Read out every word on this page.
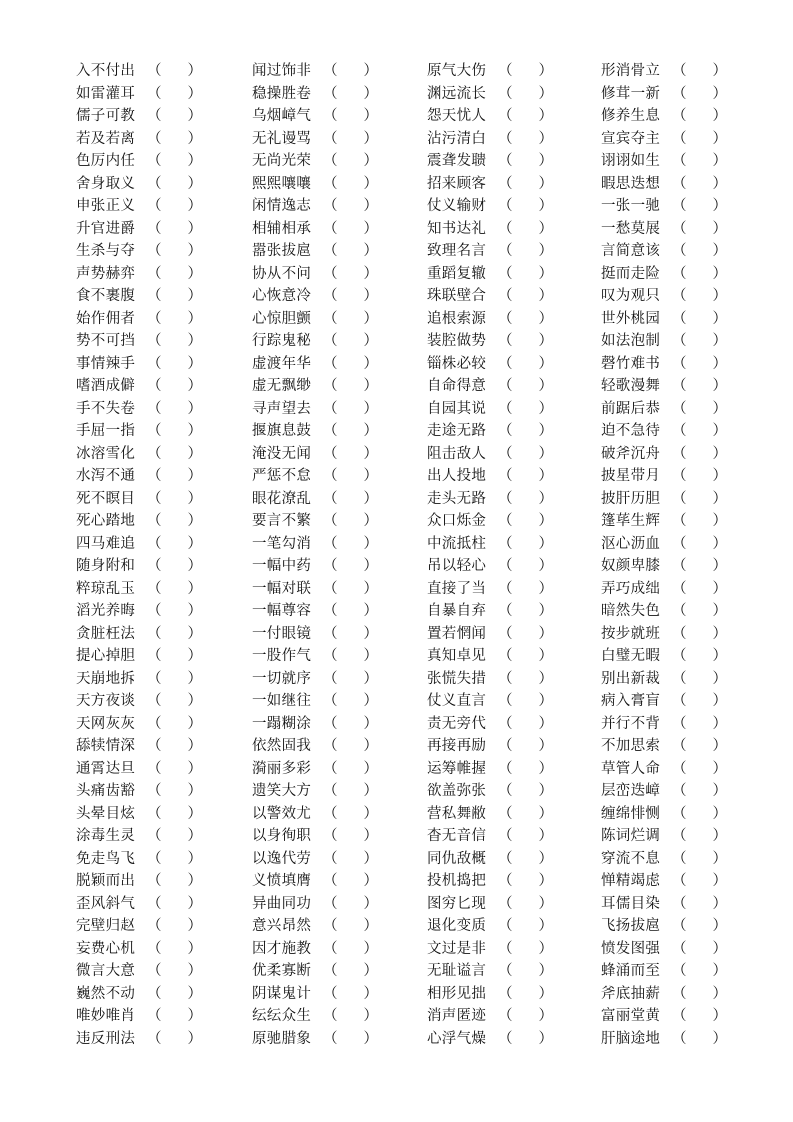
入不付出 （ ）
如雷灌耳 （ ）
儒子可教 （ ）
若及若离 （ ）
色厉内任 （ ）
舍身取义 （ ）
申张正义 （ ）
升官进爵 （ ）
生杀与夺 （ ）
声势赫弈 （ ）
食不裹腹 （ ）
始作佣者 （ ）
势不可挡 （ ）
事情辣手 （ ）
嗜酒成僻 （ ）
手不失卷 （ ）
手屈一指 （ ）
冰溶雪化 （ ）
水泻不通 （ ）
死不瞑目 （ ）
死心踏地 （ ）
四马难追 （ ）
随身附和 （ ）
粹琼乱玉 （ ）
滔光养晦 （ ）
贪脏枉法 （ ）
提心掉胆 （ ）
天崩地拆 （ ）
天方夜谈 （ ）
天网灰灰 （ ）
舔犊情深 （ ）
通霄达旦 （ ）
头痛齿豁 （ ）
头晕目炫 （ ）
涂毒生灵 （ ）
免走鸟飞 （ ）
脱颖而出 （ ）
歪风斜气 （ ）
完壁归赵 （ ）
妄费心机 （ ）
微言大意 （ ）
巍然不动 （ ）
唯妙唯肖 （ ）
违反刑法 （ ）
闻过饰非 （ ）
稳操胜卷 （ ）
乌烟嶂气 （ ）
无礼谩骂 （ ）
无尚光荣 （ ）
熙熙嚷嚷 （ ）
闲情逸志 （ ）
相辅相承 （ ）
嚣张拔扈 （ ）
协从不问 （ ）
心恢意冷 （ ）
心惊胆颤 （ ）
行踪鬼秘 （ ）
虚渡年华 （ ）
虚无飘缈 （ ）
寻声望去 （ ）
揠旗息鼓 （ ）
淹没无闻 （ ）
严惩不怠 （ ）
眼花潦乱 （ ）
要言不繁 （ ）
一笔勾消 （ ）
一幅中药 （ ）
一幅对联 （ ）
一幅尊容 （ ）
一付眼镜 （ ）
一股作气 （ ）
一切就序 （ ）
一如继往 （ ）
一蹋糊涂 （ ）
依然固我 （ ）
漪丽多彩 （ ）
遗笑大方 （ ）
以警效尤 （ ）
以身徇职 （ ）
以逸代劳 （ ）
义愤填膺 （ ）
异曲同功 （ ）
意兴昂然 （ ）
因才施教 （ ）
优柔寡断 （ ）
阴谋鬼计 （ ）
纭纭众生 （ ）
原驰腊象 （ ）
原气大伤 （ ）
渊远流长 （ ）
怨天忧人 （ ）
沾污清白 （ ）
震聋发聩 （ ）
招来顾客 （ ）
仗义输财 （ ）
知书达礼 （ ）
致理名言 （ ）
重蹈复辙 （ ）
珠联壁合 （ ）
追根索源 （ ）
装腔做势 （ ）
锱株必较 （ ）
自命得意 （ ）
自园其说 （ ）
走途无路 （ ）
阻击敌人 （ ）
出人投地 （ ）
走头无路 （ ）
众口烁金 （ ）
中流抵柱 （ ）
吊以轻心 （ ）
直接了当 （ ）
自暴自弃 （ ）
置若惘闻 （ ）
真知卓见 （ ）
张慌失措 （ ）
仗义直言 （ ）
责无旁代 （ ）
再接再励 （ ）
运筹帷握 （ ）
欲盖弥张 （ ）
营私舞敝 （ ）
杳无音信 （ ）
同仇敌概 （ ）
投机捣把 （ ）
图穷匕现 （ ）
退化变质 （ ）
文过是非 （ ）
无耻谥言 （ ）
相形见拙 （ ）
消声匿迹 （ ）
心浮气燥 （ ）
形消骨立 （ ）
修茸一新 （ ）
修养生息 （ ）
宣宾夺主 （ ）
诩诩如生 （ ）
暇思迭想 （ ）
一张一驰 （ ）
一愁莫展 （ ）
言简意该 （ ）
挺而走险 （ ）
叹为观只 （ ）
世外桃园 （ ）
如法泡制 （ ）
磬竹难书 （ ）
轻歌漫舞 （ ）
前踞后恭 （ ）
迫不急待 （ ）
破斧沉舟 （ ）
披星带月 （ ）
披肝历胆 （ ）
篷荜生辉 （ ）
沤心沥血 （ ）
奴颜卑膝 （ ）
弄巧成绌 （ ）
暗然失色 （ ）
按步就班 （ ）
白璧无暇 （ ）
别出新裁 （ ）
病入膏盲 （ ）
并行不背 （ ）
不加思索 （ ）
草管人命 （ ）
层峦迭嶂 （ ）
缠绵悱恻 （ ）
陈词烂调 （ ）
穿流不息 （ ）
惮精竭虑 （ ）
耳儒目染 （ ）
飞扬拔扈 （ ）
愤发图强 （ ）
蜂涌而至 （ ）
斧底抽薪 （ ）
富丽堂黄 （ ）
肝脑途地 （ ）
